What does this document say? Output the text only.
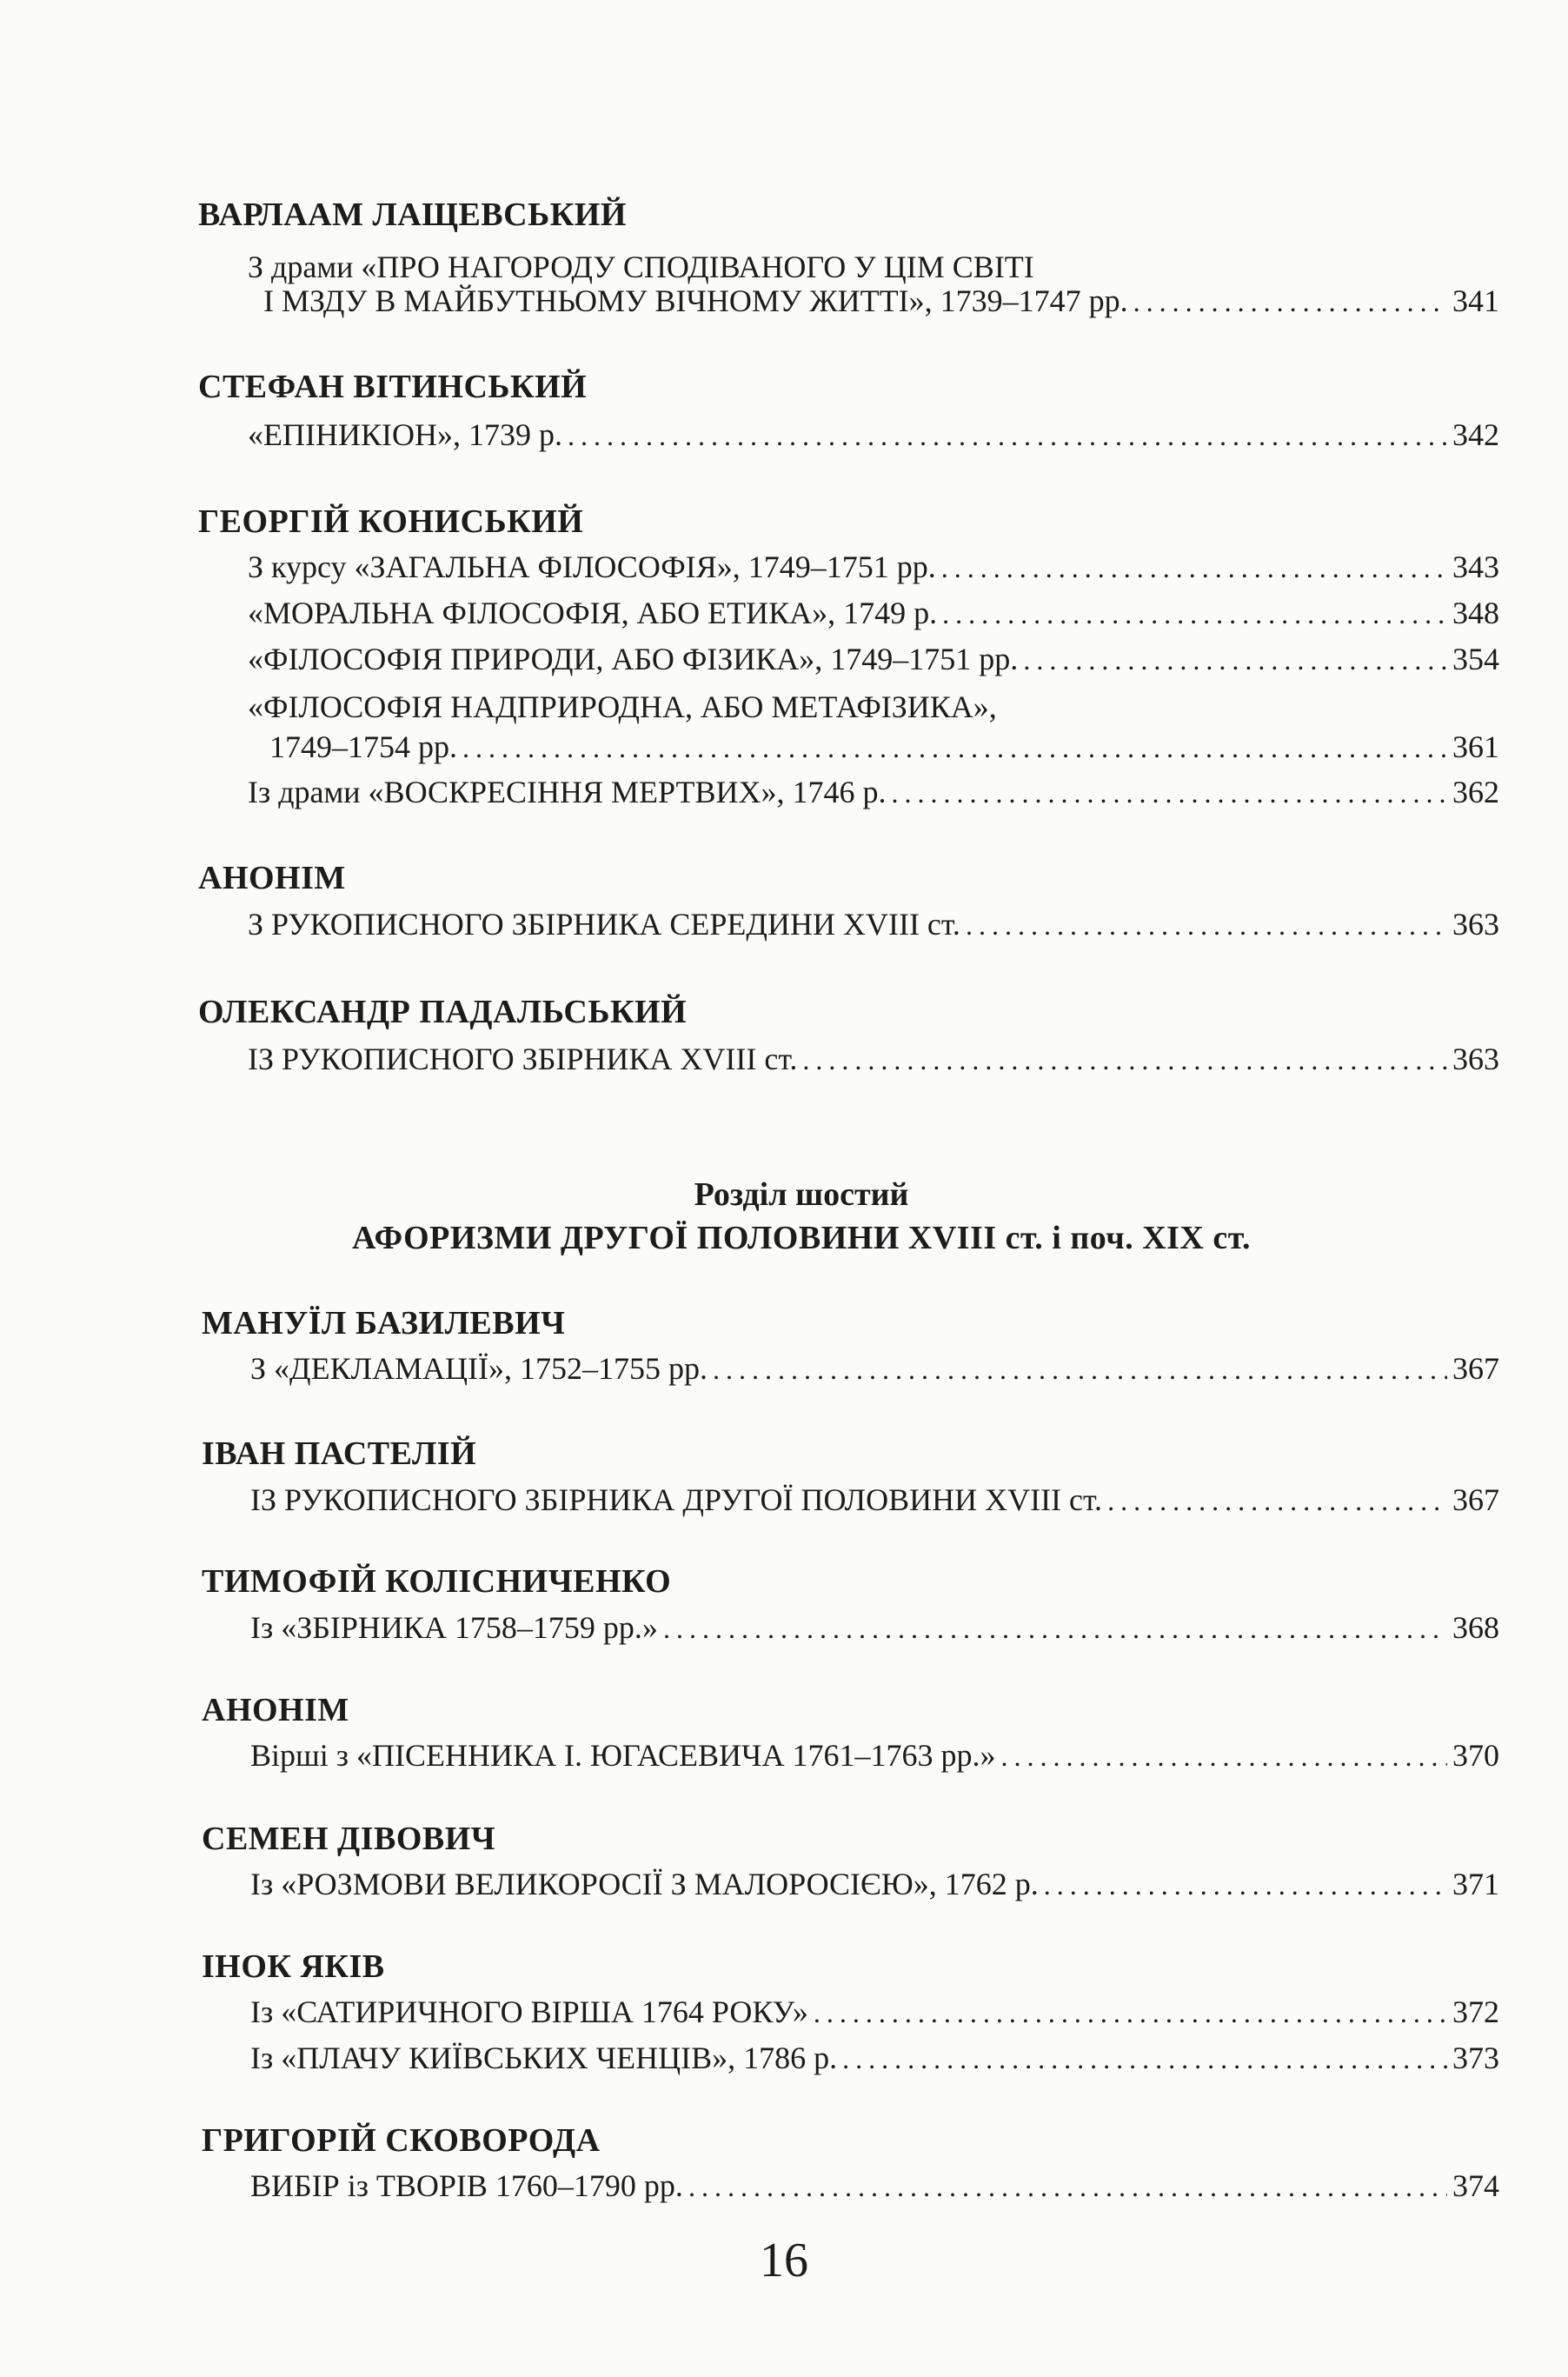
ВАРЛААМ ЛАЩЕВСЬКИЙ
З драми «ПРО НАГОРОДУ СПОДІВАНОГО У ЦІМ СВІТІ
І МЗДУ В МАЙБУТНЬОМУ ВІЧНОМУ ЖИТТІ», 1739–1747 рр. .....	341
СТЕФАН ВІТИНСЬКИЙ
«ЕПІНИКІОН», 1739 р. .....	342
ГЕОРГІЙ КОНИСЬКИЙ
З курсу «ЗАГАЛЬНА ФІЛОСОФІЯ», 1749–1751 рр. .....	343
«МОРАЛЬНА ФІЛОСОФІЯ, АБО ЕТИКА», 1749 р. .....	348
«ФІЛОСОФІЯ ПРИРОДИ, АБО ФІЗИКА», 1749–1751 рр. .....	354
«ФІЛОСОФІЯ НАДПРИРОДНА, АБО МЕТАФІЗИКА»,
1749–1754 рр. .....	361
Із драми «ВОСКРЕСІННЯ МЕРТВИХ», 1746 р. .....	362
АНОНІМ
З РУКОПИСНОГО ЗБІРНИКА СЕРЕДИНИ XVIII ст. .....	363
ОЛЕКСАНДР ПАДАЛЬСЬКИЙ
ІЗ РУКОПИСНОГО ЗБІРНИКА XVIII ст. .....	363
Розділ шостий
АФОРИЗМИ ДРУГОЇ ПОЛОВИНИ XVIII ст. і поч. XIX ст.
МАНУЇЛ БАЗИЛЕВИЧ
З «ДЕКЛАМАЦІЇ», 1752–1755 рр. .....	367
ІВАН ПАСТЕЛІЙ
ІЗ РУКОПИСНОГО ЗБІРНИКА ДРУГОЇ ПОЛОВИНИ XVIII ст. .....	367
ТИМОФІЙ КОЛІСНИЧЕНКО
Із «ЗБІРНИКА 1758–1759 рр.» .....	368
АНОНІМ
Вірші з «ПІСЕННИКА І. ЮГАСЕВИЧА 1761–1763 рр.» .....	370
СЕМЕН ДІВОВИЧ
Із «РОЗМОВИ ВЕЛИКОРОСІЇ З МАЛОРОСІЄЮ», 1762 р. .....	371
ІНОК ЯКІВ
Із «САТИРИЧНОГО ВІРША 1764 РОКУ» .....	372
Із «ПЛАЧУ КИЇВСЬКИХ ЧЕНЦІВ», 1786 р. .....	373
ГРИГОРІЙ СКОВОРОДА
ВИБІР із ТВОРІВ 1760–1790 рр. .....	374
16
